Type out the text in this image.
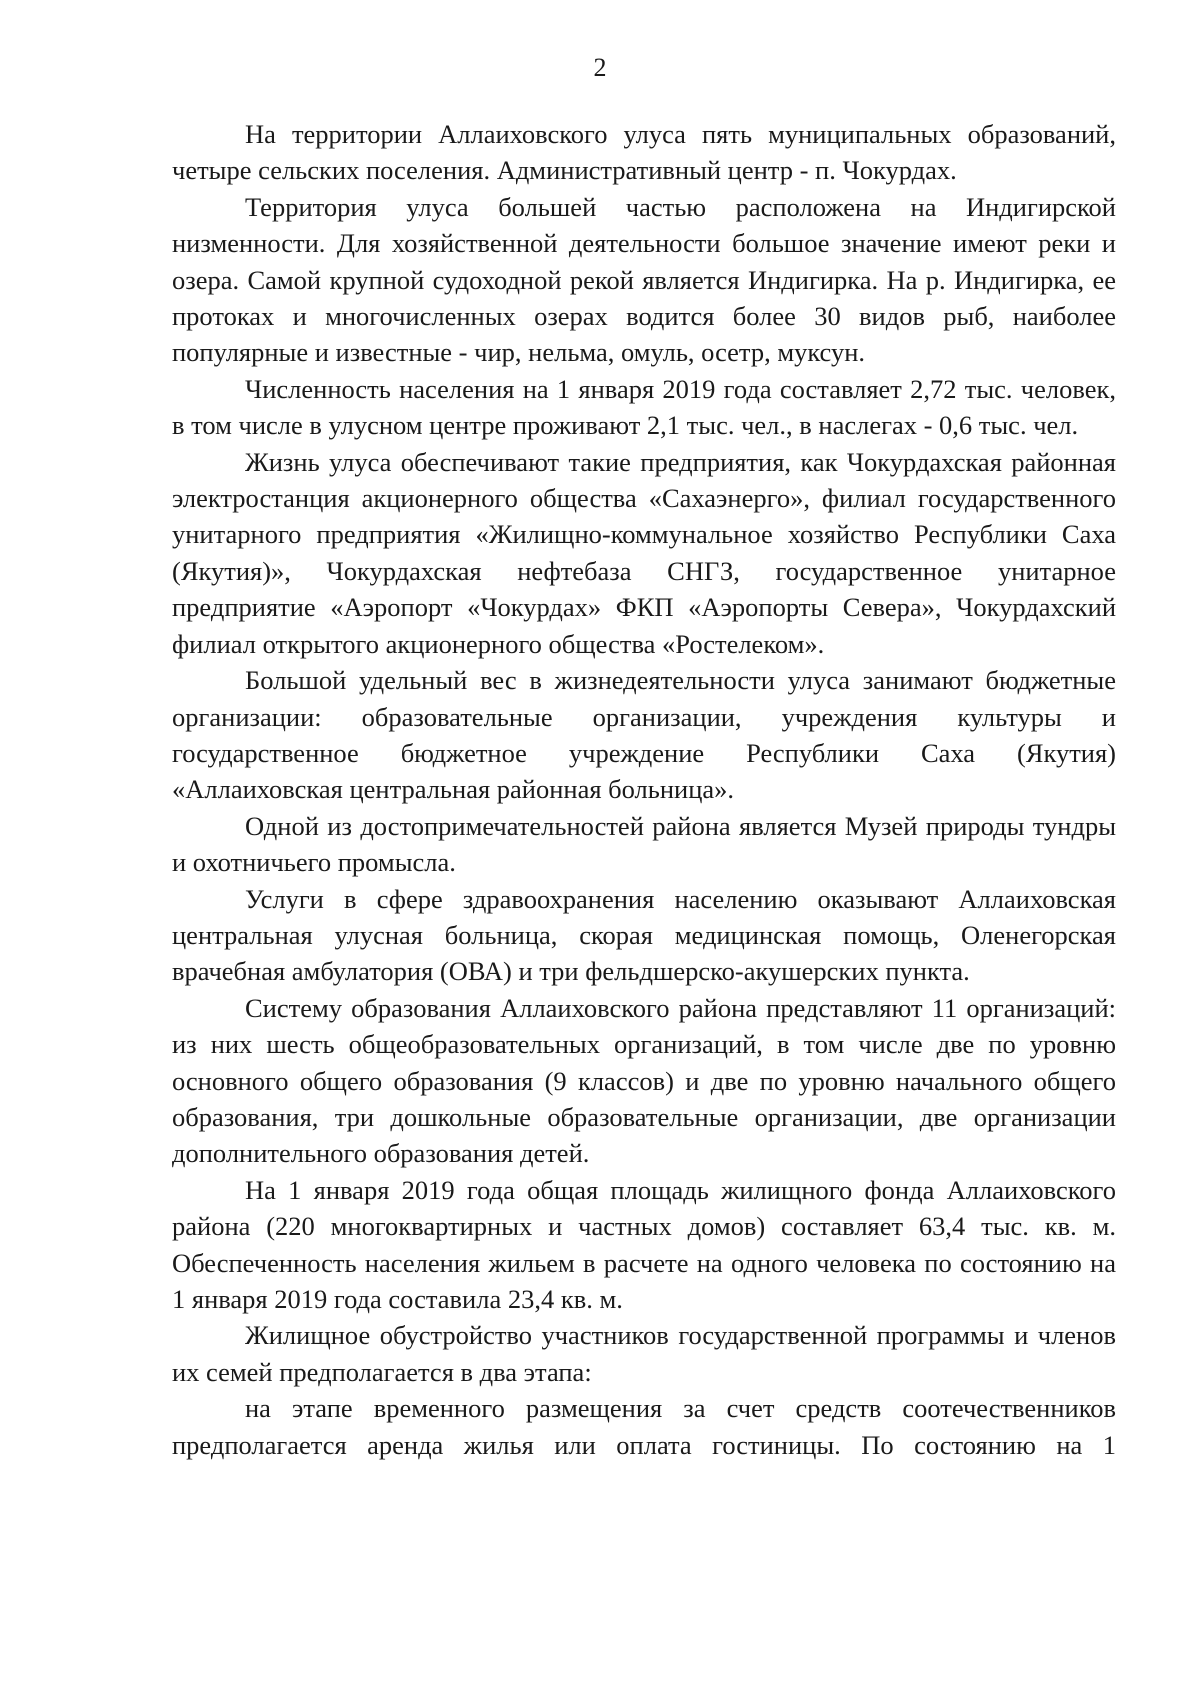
2

На территории Аллаиховского улуса пять муниципальных образований, четыре сельских поселения. Административный центр - п. Чокурдах.

Территория улуса большей частью расположена на Индигирской низменности. Для хозяйственной деятельности большое значение имеют реки и озера. Самой крупной судоходной рекой является Индигирка. На р. Индигирка, ее протоках и многочисленных озерах водится более 30 видов рыб, наиболее популярные и известные - чир, нельма, омуль, осетр, муксун.

Численность населения на 1 января 2019 года составляет 2,72 тыс. человек, в том числе в улусном центре проживают 2,1 тыс. чел., в наслегах - 0,6 тыс. чел.

Жизнь улуса обеспечивают такие предприятия, как Чокурдахская районная электростанция акционерного общества «Сахаэнерго», филиал государственного унитарного предприятия «Жилищно-коммунальное хозяйство Республики Саха (Якутия)», Чокурдахская нефтебаза СНГЗ, государственное унитарное предприятие «Аэропорт «Чокурдах» ФКП «Аэропорты Севера», Чокурдахский филиал открытого акционерного общества «Ростелеком».

Большой удельный вес в жизнедеятельности улуса занимают бюджетные организации: образовательные организации, учреждения культуры и государственное бюджетное учреждение Республики Саха (Якутия) «Аллаиховская центральная районная больница».

Одной из достопримечательностей района является Музей природы тундры и охотничьего промысла.

Услуги в сфере здравоохранения населению оказывают Аллаиховская центральная улусная больница, скорая медицинская помощь, Оленегорская врачебная амбулатория (ОВА) и три фельдшерско-акушерских пункта.

Систему образования Аллаиховского района представляют 11 организаций: из них шесть общеобразовательных организаций, в том числе две по уровню основного общего образования (9 классов) и две по уровню начального общего образования, три дошкольные образовательные организации, две организации дополнительного образования детей.

На 1 января 2019 года общая площадь жилищного фонда Аллаиховского района (220 многоквартирных и частных домов) составляет 63,4 тыс. кв. м. Обеспеченность населения жильем в расчете на одного человека по состоянию на 1 января 2019 года составила 23,4 кв. м.

Жилищное обустройство участников государственной программы и членов их семей предполагается в два этапа:

на этапе временного размещения за счет средств соотечественников предполагается аренда жилья или оплата гостиницы. По состоянию на 1
